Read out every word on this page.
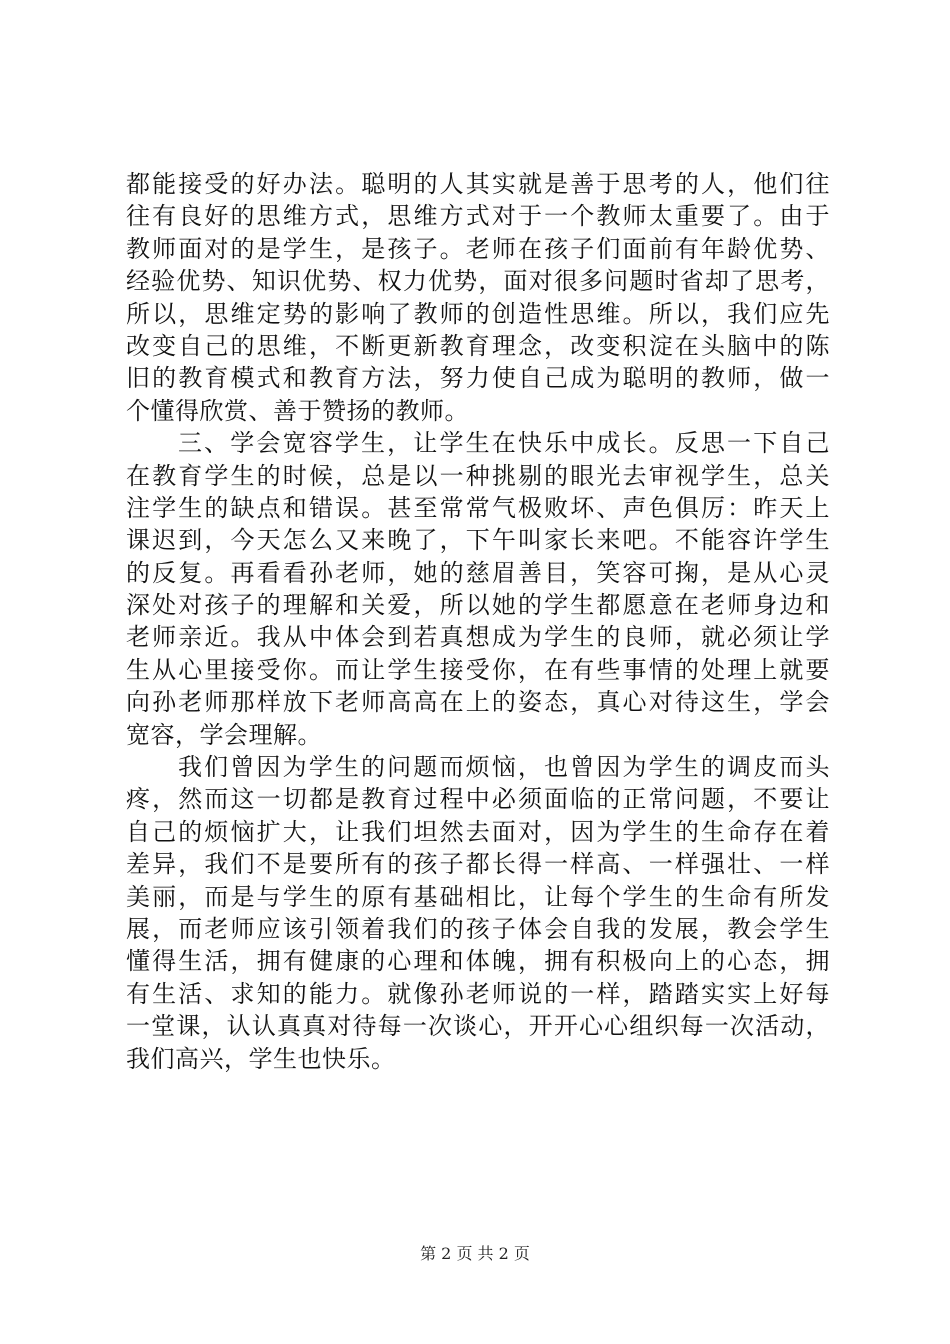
都能接受的好办法。聪明的人其实就是善于思考的人，他们往
往有良好的思维方式，思维方式对于一个教师太重要了。由于
教师面对的是学生，是孩子。老师在孩子们面前有年龄优势、
经验优势、知识优势、权力优势，面对很多问题时省却了思考，
所以，思维定势的影响了教师的创造性思维。所以，我们应先
改变自己的思维，不断更新教育理念，改变积淀在头脑中的陈
旧的教育模式和教育方法，努力使自己成为聪明的教师，做一
个懂得欣赏、善于赞扬的教师。
三、学会宽容学生，让学生在快乐中成长。反思一下自己
在教育学生的时候，总是以一种挑剔的眼光去审视学生，总关
注学生的缺点和错误。甚至常常气极败坏、声色俱厉：昨天上
课迟到，今天怎么又来晚了，下午叫家长来吧。不能容许学生
的反复。再看看孙老师，她的慈眉善目，笑容可掬，是从心灵
深处对孩子的理解和关爱，所以她的学生都愿意在老师身边和
老师亲近。我从中体会到若真想成为学生的良师，就必须让学
生从心里接受你。而让学生接受你，在有些事情的处理上就要
向孙老师那样放下老师高高在上的姿态，真心对待这生，学会
宽容，学会理解。
我们曾因为学生的问题而烦恼，也曾因为学生的调皮而头
疼，然而这一切都是教育过程中必须面临的正常问题，不要让
自己的烦恼扩大，让我们坦然去面对，因为学生的生命存在着
差异，我们不是要所有的孩子都长得一样高、一样强壮、一样
美丽，而是与学生的原有基础相比，让每个学生的生命有所发
展，而老师应该引领着我们的孩子体会自我的发展，教会学生
懂得生活，拥有健康的心理和体魄，拥有积极向上的心态，拥
有生活、求知的能力。就像孙老师说的一样，踏踏实实上好每
一堂课，认认真真对待每一次谈心，开开心心组织每一次活动，
我们高兴，学生也快乐。
第 2 页 共 2 页
